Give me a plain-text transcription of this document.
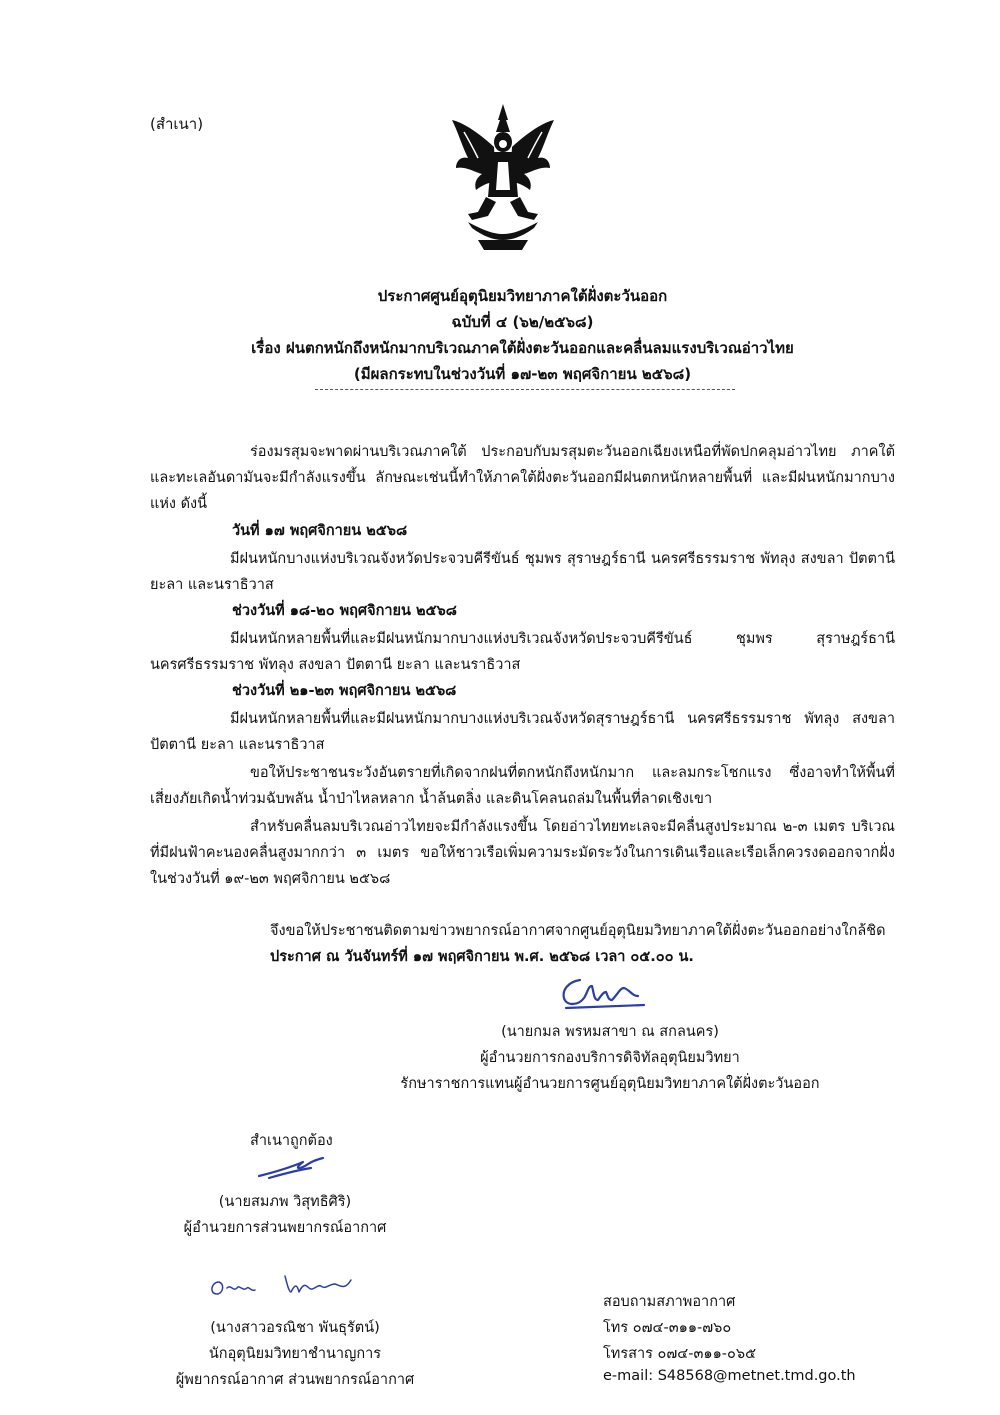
(สำเนา)
ประกาศศูนย์อุตุนิยมวิทยาภาคใต้ฝั่งตะวันออก
ฉบับที่ ๔ (๖๒/๒๕๖๘)
เรื่อง ฝนตกหนักถึงหนักมากบริเวณภาคใต้ฝั่งตะวันออกและคลื่นลมแรงบริเวณอ่าวไทย
(มีผลกระทบในช่วงวันที่ ๑๗-๒๓ พฤศจิกายน ๒๕๖๘)
ร่องมรสุมจะพาดผ่านบริเวณภาคใต้ ประกอบกับมรสุมตะวันออกเฉียงเหนือที่พัดปกคลุมอ่าวไทย ภาคใต้และทะเลอันดามันจะมีกำลังแรงขึ้น ลักษณะเช่นนี้ทำให้ภาคใต้ฝั่งตะวันออกมีฝนตกหนักหลายพื้นที่ และมีฝนหนักมากบางแห่ง ดังนี้
วันที่ ๑๗ พฤศจิกายน ๒๕๖๘
มีฝนหนักบางแห่งบริเวณจังหวัดประจวบคีรีขันธ์ ชุมพร สุราษฎร์ธานี นครศรีธรรมราช พัทลุง สงขลา ปัตตานี ยะลา และนราธิวาส
ช่วงวันที่ ๑๘-๒๐ พฤศจิกายน ๒๕๖๘
มีฝนหนักหลายพื้นที่และมีฝนหนักมากบางแห่งบริเวณจังหวัดประจวบคีรีขันธ์ ชุมพร สุราษฎร์ธานี นครศรีธรรมราช พัทลุง สงขลา ปัตตานี ยะลา และนราธิวาส
ช่วงวันที่ ๒๑-๒๓ พฤศจิกายน ๒๕๖๘
มีฝนหนักหลายพื้นที่และมีฝนหนักมากบางแห่งบริเวณจังหวัดสุราษฎร์ธานี นครศรีธรรมราช พัทลุง สงขลา ปัตตานี ยะลา และนราธิวาส
ขอให้ประชาชนระวังอันตรายที่เกิดจากฝนที่ตกหนักถึงหนักมาก และลมกระโชกแรง ซึ่งอาจทำให้พื้นที่เสี่ยงภัยเกิดน้ำท่วมฉับพลัน น้ำป่าไหลหลาก น้ำล้นตลิ่ง และดินโคลนถล่มในพื้นที่ลาดเชิงเขา
สำหรับคลื่นลมบริเวณอ่าวไทยจะมีกำลังแรงขึ้น โดยอ่าวไทยทะเลจะมีคลื่นสูงประมาณ ๒-๓ เมตร บริเวณที่มีฝนฟ้าคะนองคลื่นสูงมากกว่า ๓ เมตร ขอให้ชาวเรือเพิ่มความระมัดระวังในการเดินเรือและเรือเล็กควรงดออกจากฝั่ง ในช่วงวันที่ ๑๙-๒๓ พฤศจิกายน ๒๕๖๘
จึงขอให้ประชาชนติดตามข่าวพยากรณ์อากาศจากศูนย์อุตุนิยมวิทยาภาคใต้ฝั่งตะวันออกอย่างใกล้ชิด
ประกาศ ณ วันจันทร์ที่ ๑๗ พฤศจิกายน พ.ศ. ๒๕๖๘ เวลา ๐๕.๐๐ น.
(นายกมล พรหมสาขา ณ สกลนคร)
ผู้อำนวยการกองบริการดิจิทัลอุตุนิยมวิทยา
รักษาราชการแทนผู้อำนวยการศูนย์อุตุนิยมวิทยาภาคใต้ฝั่งตะวันออก
สำเนาถูกต้อง
(นายสมภพ วิสุทธิศิริ)
ผู้อำนวยการส่วนพยากรณ์อากาศ
(นางสาวอรณิชา พันธุรัตน์)
นักอุตุนิยมวิทยาชำนาญการ
ผู้พยากรณ์อากาศ ส่วนพยากรณ์อากาศ
สอบถามสภาพอากาศ
โทร ๐๗๔-๓๑๑-๗๖๐
โทรสาร ๐๗๔-๓๑๑-๐๖๕
e-mail: S48568@metnet.tmd.go.th
